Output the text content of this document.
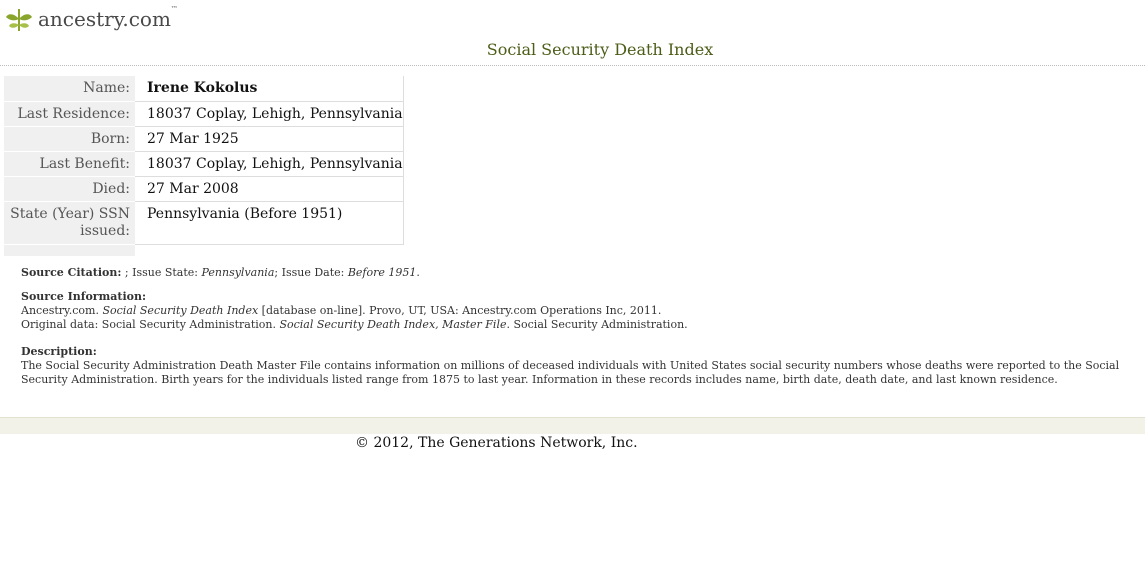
ancestry.com™
Social Security Death Index
Name:	Irene Kokolus
Last Residence:	18037 Coplay, Lehigh, Pennsylvania
Born:	27 Mar 1925
Last Benefit:	18037 Coplay, Lehigh, Pennsylvania
Died:	27 Mar 2008
State (Year) SSN
issued:	Pennsylvania (Before 1951)

Source Citation: ; Issue State: Pennsylvania; Issue Date: Before 1951.
Source Information:
Ancestry.com. Social Security Death Index [database on-line]. Provo, UT, USA: Ancestry.com Operations Inc, 2011.
Original data: Social Security Administration. Social Security Death Index, Master File. Social Security Administration.
Description:
The Social Security Administration Death Master File contains information on millions of deceased individuals with United States social security numbers whose deaths were reported to the Social Security Administration. Birth years for the individuals listed range from 1875 to last year. Information in these records includes name, birth date, death date, and last known residence.
© 2012, The Generations Network, Inc.
